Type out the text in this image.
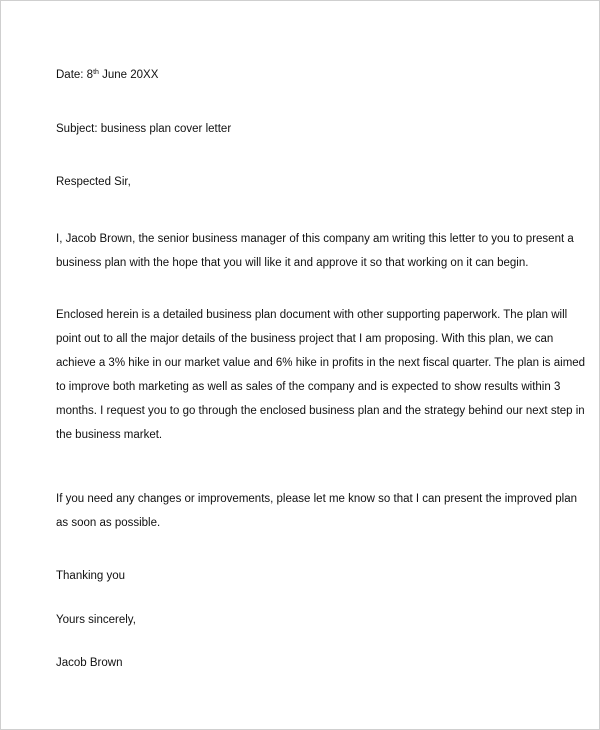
Date: 8th June 20XX

Subject: business plan cover letter

Respected Sir,

I, Jacob Brown, the senior business manager of this company am writing this letter to you to present a
business plan with the hope that you will like it and approve it so that working on it can begin.
Enclosed herein is a detailed business plan document with other supporting paperwork. The plan will
point out to all the major details of the business project that I am proposing. With this plan, we can
achieve a 3% hike in our market value and 6% hike in profits in the next fiscal quarter. The plan is aimed
to improve both marketing as well as sales of the company and is expected to show results within 3
months. I request you to go through the enclosed business plan and the strategy behind our next step in
the business market.
If you need any changes or improvements, please let me know so that I can present the improved plan
as soon as possible.

Thanking you

Yours sincerely,

Jacob Brown
